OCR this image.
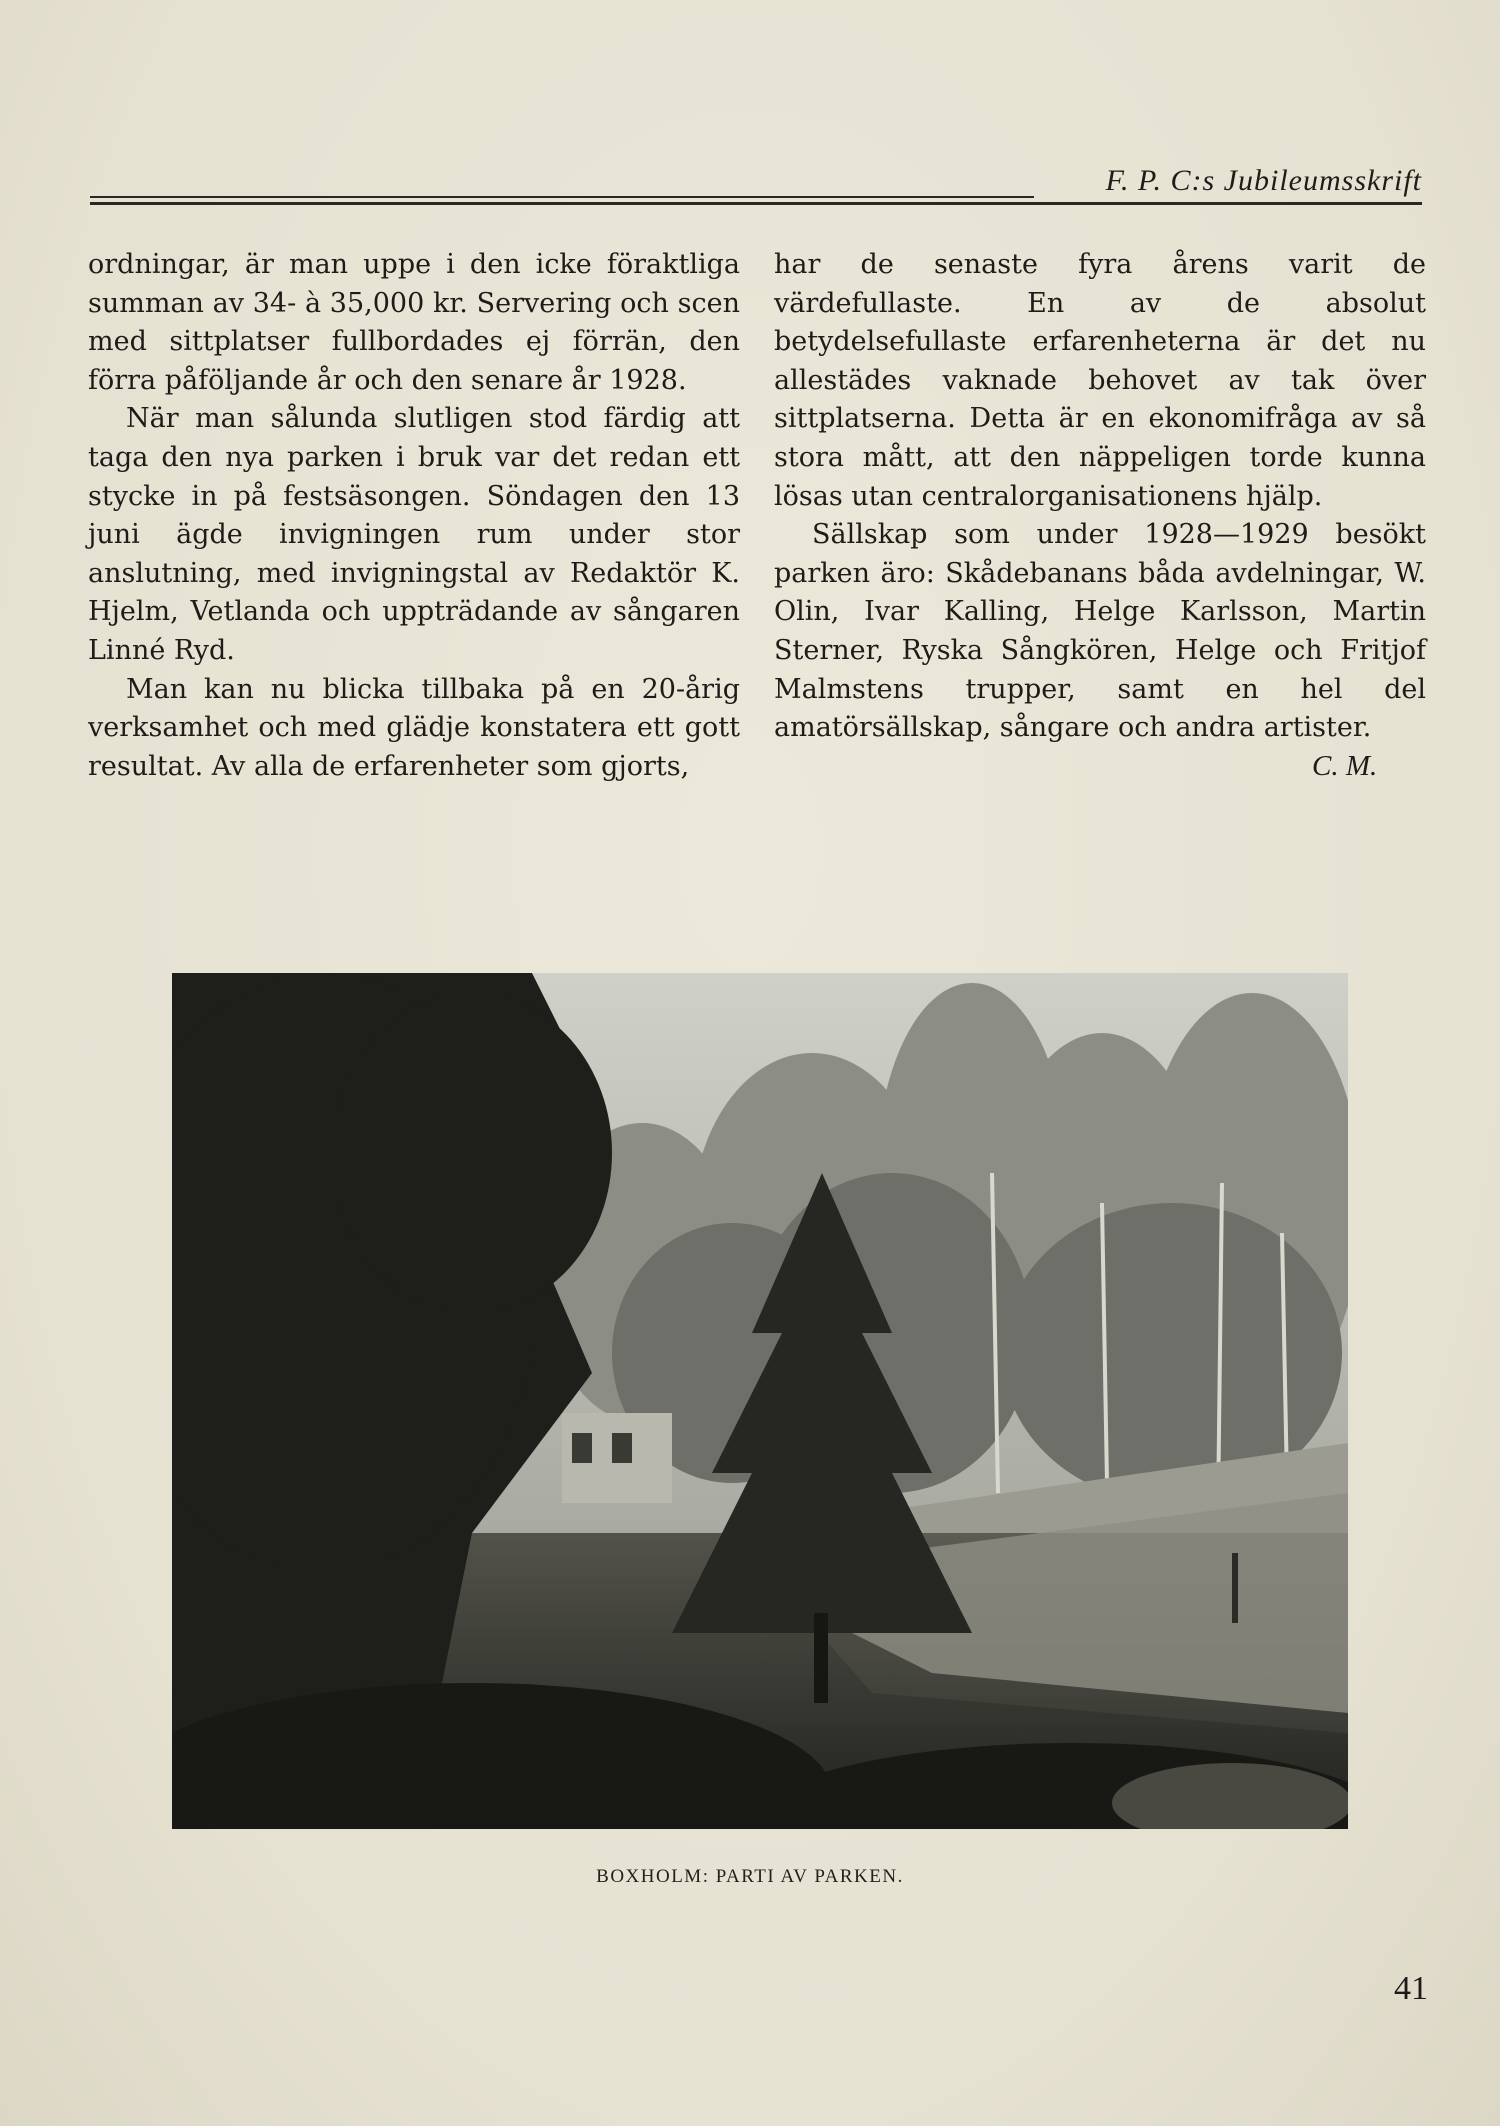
F. P. C:s Jubileumsskrift

ordningar, är man uppe i den icke föraktliga summan av 34- à 35,000 kr. Servering och scen med sittplatser fullbordades ej förrän, den förra påföljande år och den senare år 1928.

När man sålunda slutligen stod färdig att taga den nya parken i bruk var det redan ett stycke in på festsäsongen. Söndagen den 13 juni ägde invigningen rum under stor anslutning, med invigningstal av Redaktör K. Hjelm, Vetlanda och uppträdande av sångaren Linné Ryd.

Man kan nu blicka tillbaka på en 20-årig verksamhet och med glädje konstatera ett gott resultat. Av alla de erfarenheter som gjorts,

har de senaste fyra årens varit de värdefullaste. En av de absolut betydelsefullaste erfarenheterna är det nu allestädes vaknade behovet av tak över sittplatserna. Detta är en ekonomifråga av så stora mått, att den näppeligen torde kunna lösas utan centralorganisationens hjälp.

Sällskap som under 1928—1929 besökt parken äro: Skådebanans båda avdelningar, W. Olin, Ivar Kalling, Helge Karlsson, Martin Sterner, Ryska Sångkören, Helge och Fritjof Malmstens trupper, samt en hel del amatörsällskap, sångare och andra artister.

C. M.
BOXHOLM: PARTI AV PARKEN.
41
